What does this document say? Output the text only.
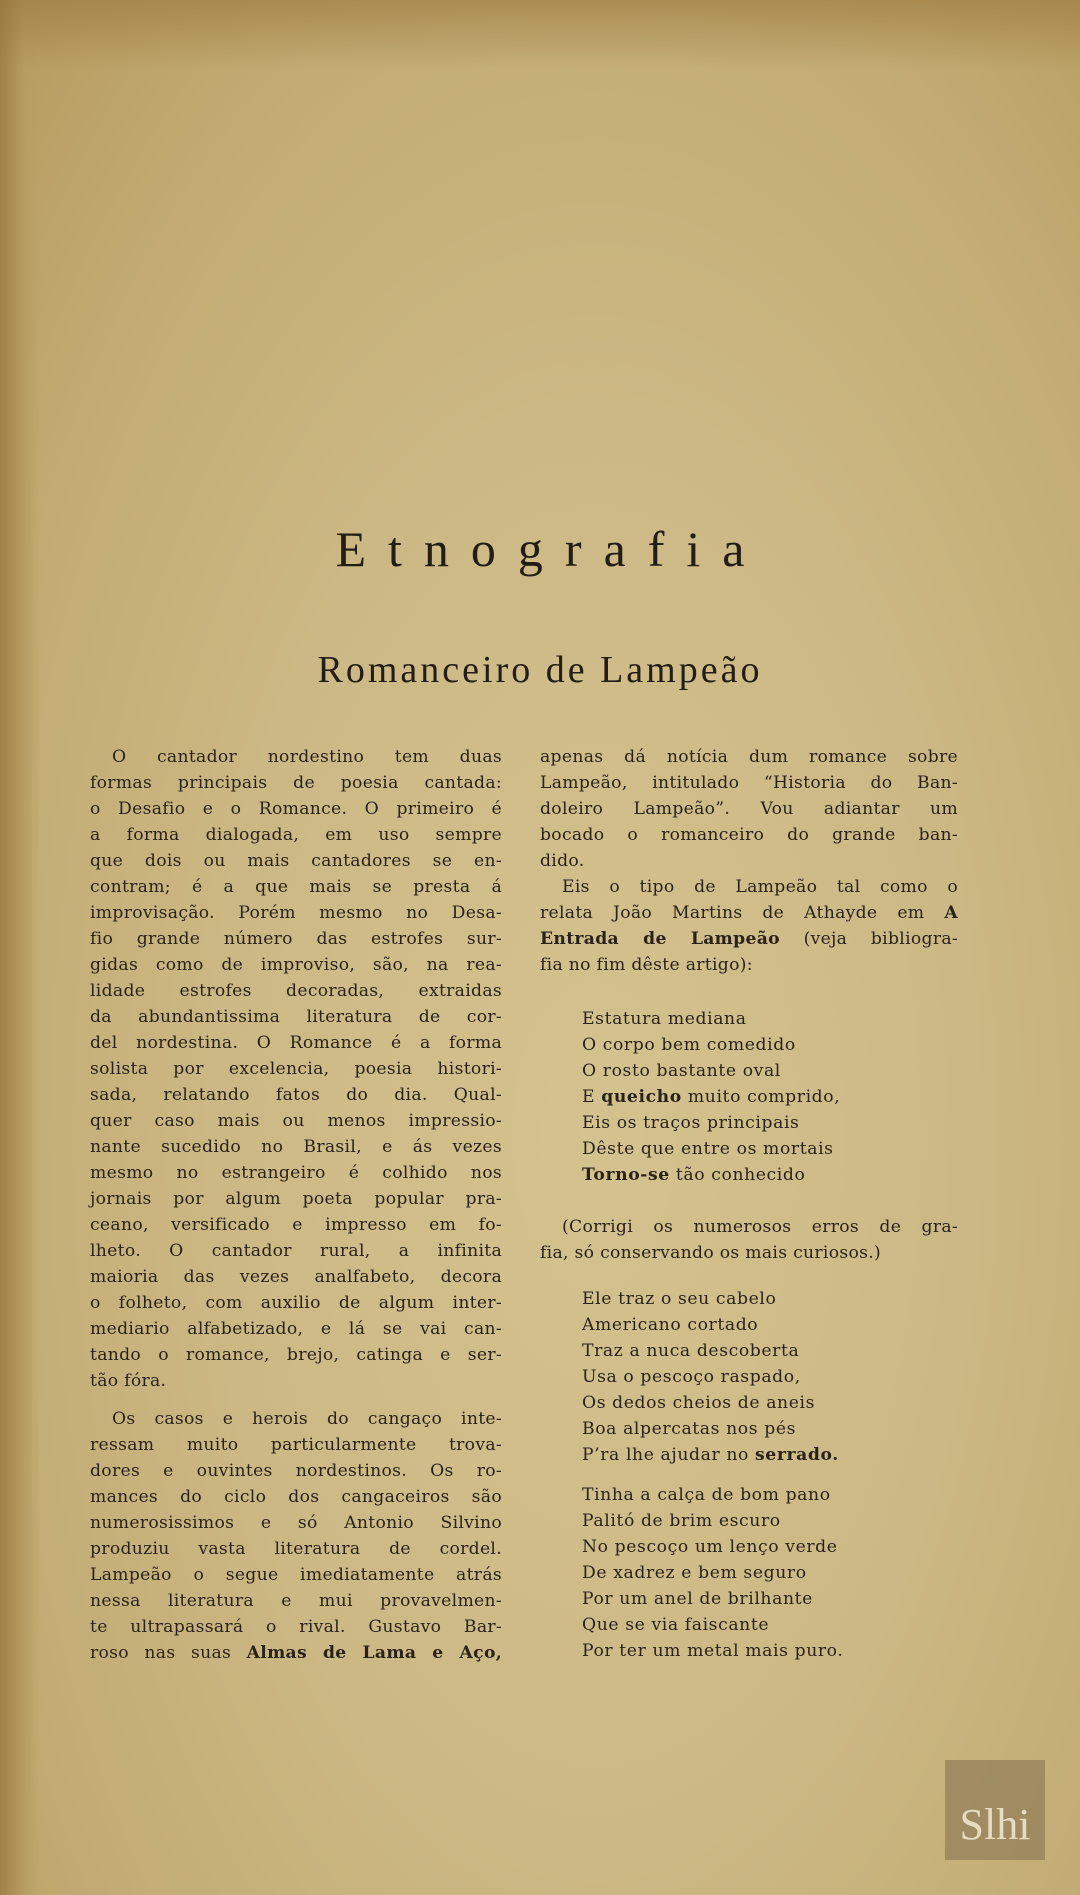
Etnografia
Romanceiro de Lampeão
O cantador nordestino tem duas
formas principais de poesia cantada:
o Desafio e o Romance. O primeiro é
a forma dialogada, em uso sempre
que dois ou mais cantadores se en-
contram; é a que mais se presta á
improvisação. Porém mesmo no Desa-
fio grande número das estrofes sur-
gidas como de improviso, são, na rea-
lidade estrofes decoradas, extraidas
da abundantissima literatura de cor-
del nordestina. O Romance é a forma
solista por excelencia, poesia histori-
sada, relatando fatos do dia. Qual-
quer caso mais ou menos impressio-
nante sucedido no Brasil, e ás vezes
mesmo no estrangeiro é colhido nos
jornais por algum poeta popular pra-
ceano, versificado e impresso em fo-
lheto. O cantador rural, a infinita
maioria das vezes analfabeto, decora
o folheto, com auxilio de algum inter-
mediario alfabetizado, e lá se vai can-
tando o romance, brejo, catinga e ser-
tão fóra.
Os casos e herois do cangaço inte-
ressam muito particularmente trova-
dores e ouvintes nordestinos. Os ro-
mances do ciclo dos cangaceiros são
numerosissimos e só Antonio Silvino
produziu vasta literatura de cordel.
Lampeão o segue imediatamente atrás
nessa literatura e mui provavelmen-
te ultrapassará o rival. Gustavo Bar-
roso nas suas Almas de Lama e Aço,
apenas dá notícia dum romance sobre
Lampeão, intitulado “Historia do Ban-
doleiro Lampeão”. Vou adiantar um
bocado o romanceiro do grande ban-
dido.
Eis o tipo de Lampeão tal como o
relata João Martins de Athayde em A
Entrada de Lampeão (veja bibliogra-
fia no fim dêste artigo):
Estatura mediana
O corpo bem comedido
O rosto bastante oval
E queicho muito comprido,
Eis os traços principais
Dêste que entre os mortais
Torno-se tão conhecido
(Corrigi os numerosos erros de gra-
fia, só conservando os mais curiosos.)
Ele traz o seu cabelo
Americano cortado
Traz a nuca descoberta
Usa o pescoço raspado,
Os dedos cheios de aneis
Boa alpercatas nos pés
P’ra lhe ajudar no serrado.
Tinha a calça de bom pano
Palitó de brim escuro
No pescoço um lenço verde
De xadrez e bem seguro
Por um anel de brilhante
Que se via faiscante
Por ter um metal mais puro.
Slhi
